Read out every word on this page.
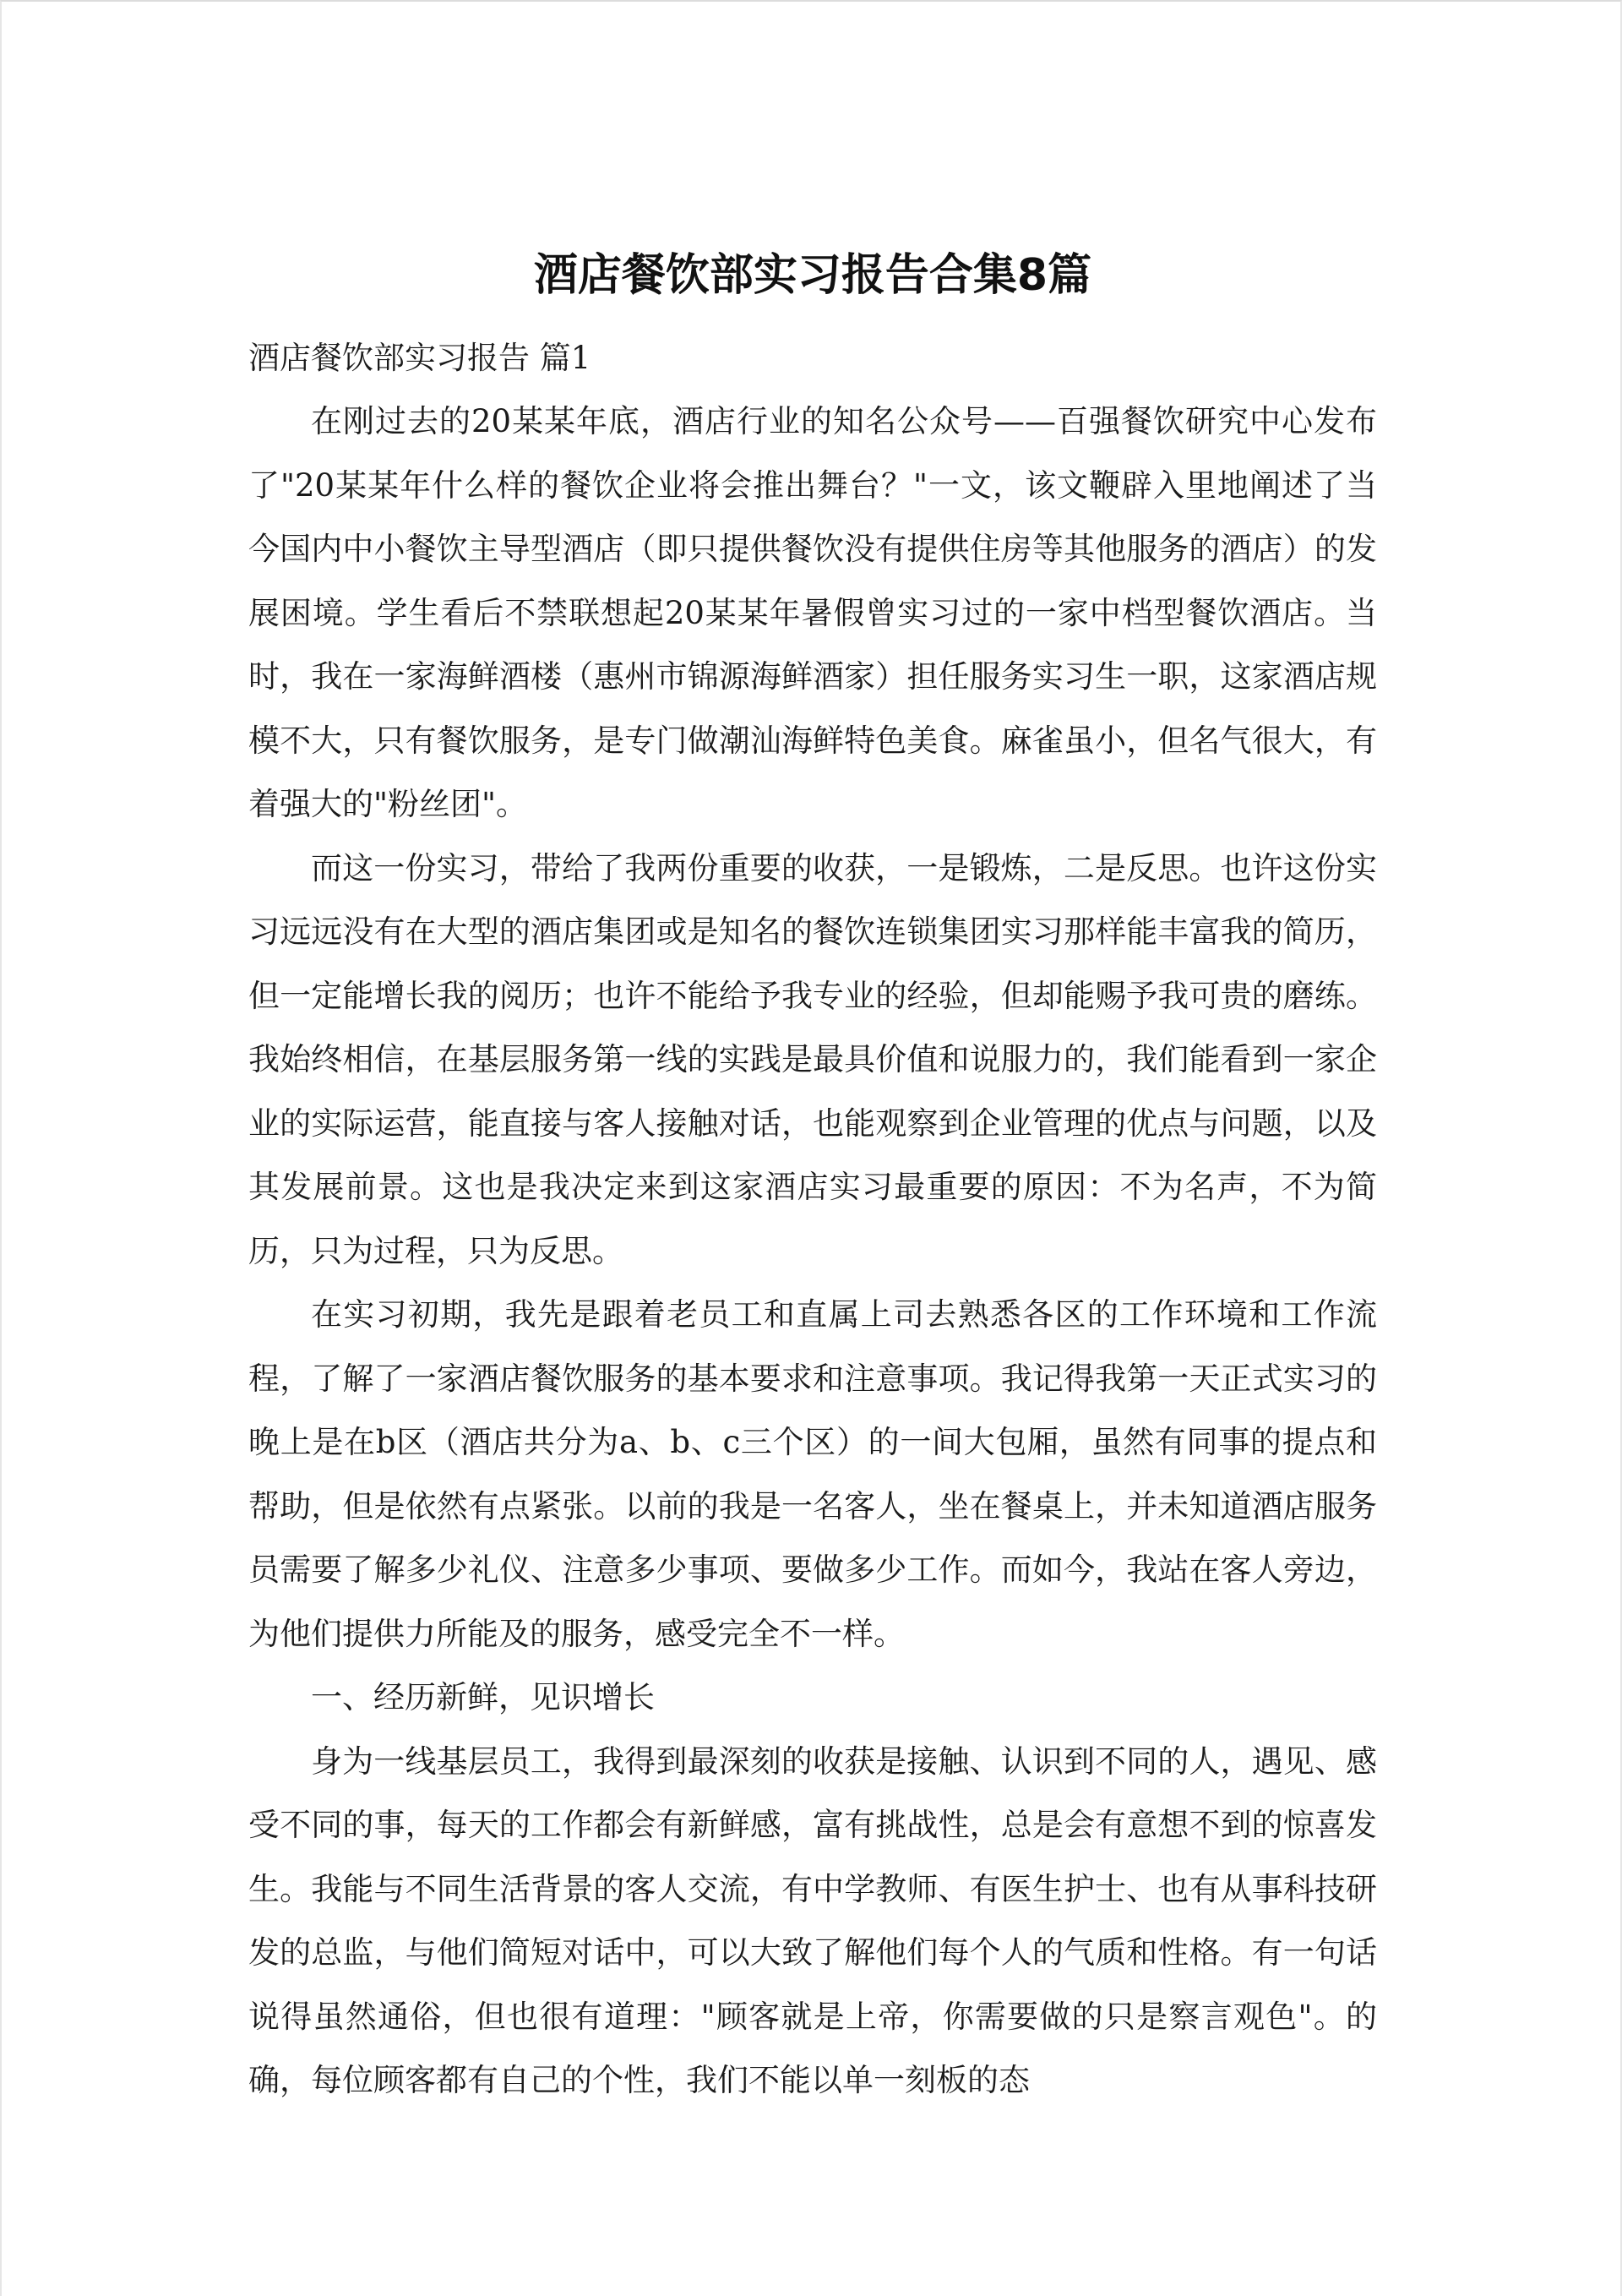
酒店餐饮部实习报告合集8篇

酒店餐饮部实习报告 篇1

在刚过去的20某某年底，酒店行业的知名公众号——百强餐饮研究中心发布了"20某某年什么样的餐饮企业将会推出舞台？"一文，该文鞭辟入里地阐述了当今国内中小餐饮主导型酒店（即只提供餐饮没有提供住房等其他服务的酒店）的发展困境。学生看后不禁联想起20某某年暑假曾实习过的一家中档型餐饮酒店。当时，我在一家海鲜酒楼（惠州市锦源海鲜酒家）担任服务实习生一职，这家酒店规模不大，只有餐饮服务，是专门做潮汕海鲜特色美食。麻雀虽小，但名气很大，有着强大的"粉丝团"。

而这一份实习，带给了我两份重要的收获，一是锻炼，二是反思。也许这份实习远远没有在大型的酒店集团或是知名的餐饮连锁集团实习那样能丰富我的简历，但一定能增长我的阅历；也许不能给予我专业的经验，但却能赐予我可贵的磨练。我始终相信，在基层服务第一线的实践是最具价值和说服力的，我们能看到一家企业的实际运营，能直接与客人接触对话，也能观察到企业管理的优点与问题，以及其发展前景。这也是我决定来到这家酒店实习最重要的原因：不为名声，不为简历，只为过程，只为反思。

在实习初期，我先是跟着老员工和直属上司去熟悉各区的工作环境和工作流程，了解了一家酒店餐饮服务的基本要求和注意事项。我记得我第一天正式实习的晚上是在b区（酒店共分为a、b、c三个区）的一间大包厢，虽然有同事的提点和帮助，但是依然有点紧张。以前的我是一名客人，坐在餐桌上，并未知道酒店服务员需要了解多少礼仪、注意多少事项、要做多少工作。而如今，我站在客人旁边，为他们提供力所能及的服务，感受完全不一样。

一、经历新鲜，见识增长

身为一线基层员工，我得到最深刻的收获是接触、认识到不同的人，遇见、感受不同的事，每天的工作都会有新鲜感，富有挑战性，总是会有意想不到的惊喜发生。我能与不同生活背景的客人交流，有中学教师、有医生护士、也有从事科技研发的总监，与他们简短对话中，可以大致了解他们每个人的气质和性格。有一句话说得虽然通俗，但也很有道理："顾客就是上帝，你需要做的只是察言观色"。的确，每位顾客都有自己的个性，我们不能以单一刻板的态
